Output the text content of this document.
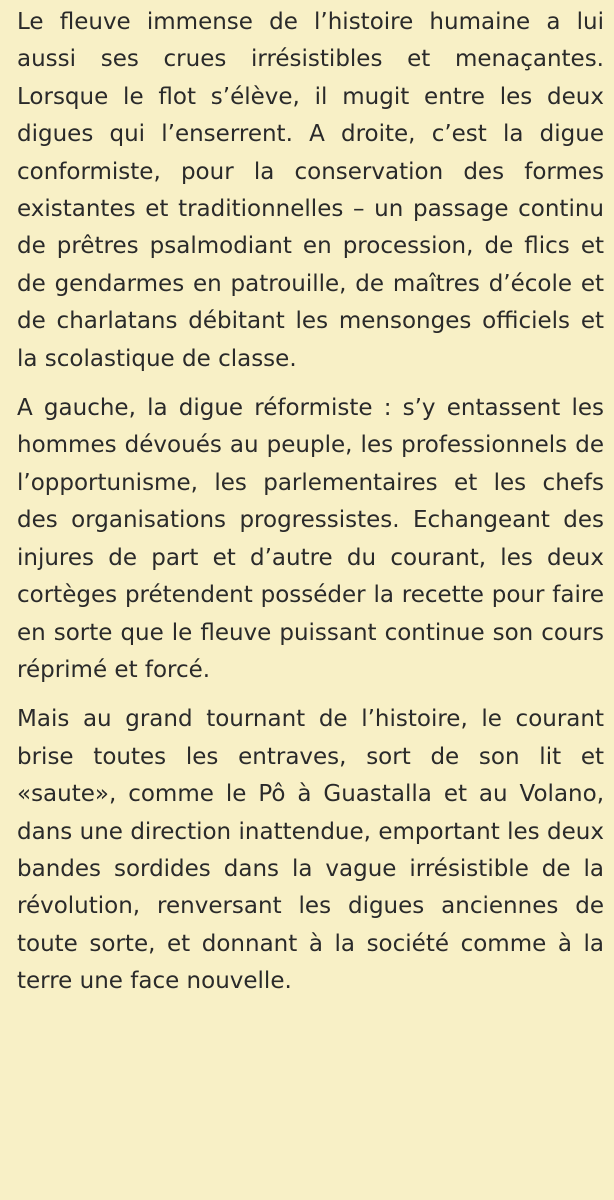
Le fleuve immense de l’histoire humaine a lui aussi ses crues irrésistibles et menaçantes. Lorsque le flot s’élève, il mugit entre les deux digues qui l’enserrent. A droite, c’est la digue conformiste, pour la conservation des formes existantes et traditionnelles – un passage continu de prêtres psalmodiant en procession, de flics et de gendarmes en patrouille, de maîtres d’école et de charlatans débitant les mensonges officiels et la scolastique de classe.

A gauche, la digue réformiste : s’y entassent les hommes dévoués au peuple, les professionnels de l’opportunisme, les parlementaires et les chefs des organisations progressistes. Echangeant des injures de part et d’autre du courant, les deux cortèges prétendent posséder la recette pour faire en sorte que le fleuve puissant continue son cours réprimé et forcé.

Mais au grand tournant de l’histoire, le courant brise toutes les entraves, sort de son lit et «saute», comme le Pô à Guastalla et au Volano, dans une direction inattendue, emportant les deux bandes sordides dans la vague irrésistible de la révolution, renversant les digues anciennes de toute sorte, et donnant à la société comme à la terre une face nouvelle.
